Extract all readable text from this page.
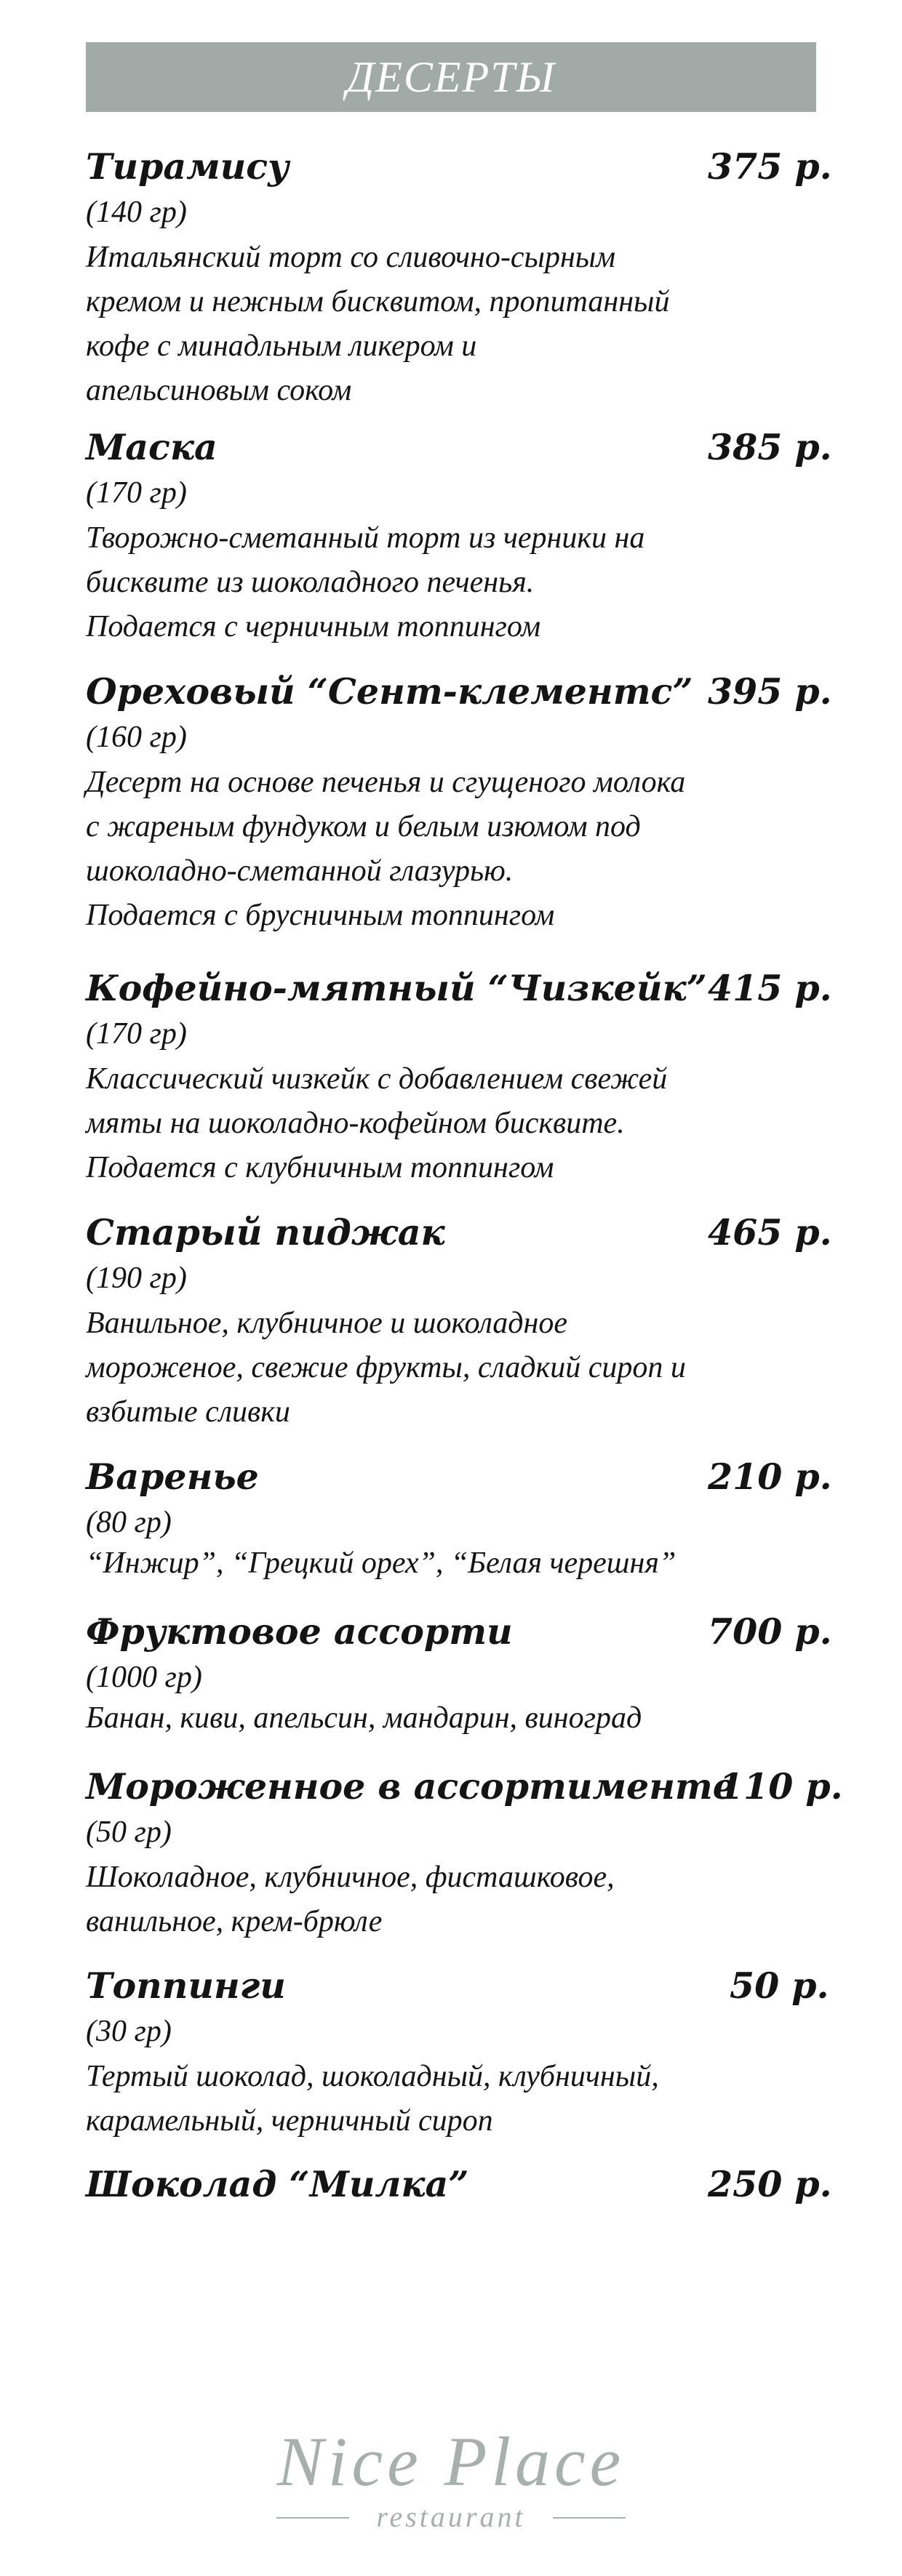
ДЕСЕРТЫ
Тирамису	375 р.
(140 гр)
Итальянский торт со сливочно-сырным
кремом и нежным бисквитом, пропитанный
кофе с минадльным ликером и
апельсиновым соком
Маска	385 р.
(170 гр)
Творожно-сметанный торт из черники на
бисквите из шоколадного печенья.
Подается с черничным топпингом
Ореховый “Сент-клементс” 395 р.
(160 гр)
Десерт на основе печенья и сгущеного молока
с жареным фундуком и белым изюмом под
шоколадно-сметанной глазурью.
Подается с брусничным топпингом
Кофейно-мятный “Чизкейк” 415 р.
(170 гр)
Классический чизкейк с добавлением свежей
мяты на шоколадно-кофейном бисквите.
Подается с клубничным топпингом
Старый пиджак	465 р.
(190 гр)
Ванильное, клубничное и шоколадное
мороженое, свежие фрукты, сладкий сироп и
взбитые сливки
Варенье	210 р.
(80 гр)
“Инжир”, “Грецкий орех”, “Белая черешня”
Фруктовое ассорти	700 р.
(1000 гр)
Банан, киви, апельсин, мандарин, виноград
Мороженное в ассортименте
110 р.
(50 гр)
Шоколадное, клубничное, фисташковое,
ванильное, крем-брюле
Топпинги	50 р.
(30 гр)
Тертый шоколад, шоколадный, клубничный,
карамельный, черничный сироп
Шоколад “Милка”	250 р.
Nice Place
restaurant
